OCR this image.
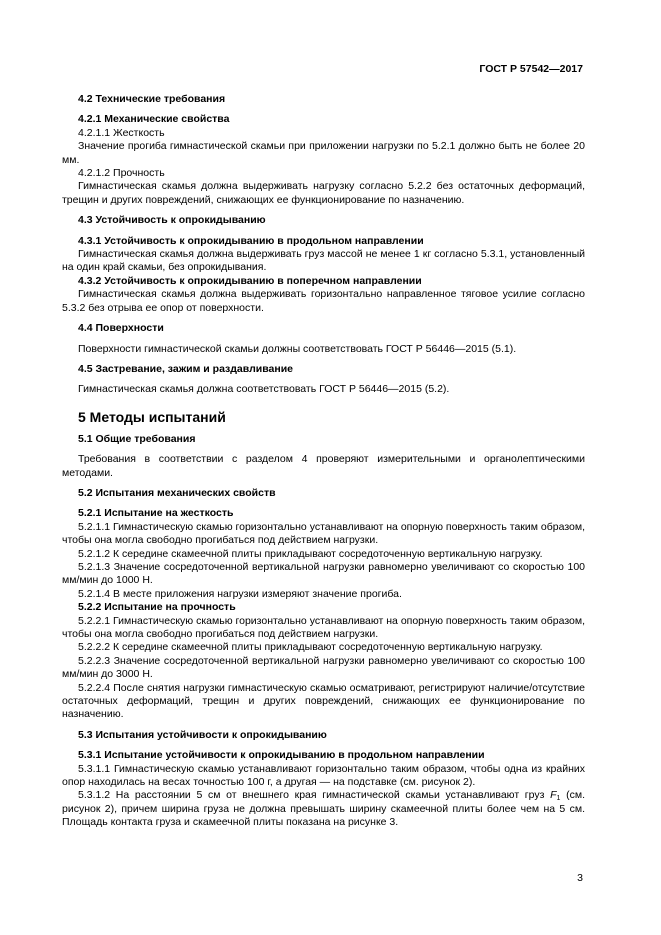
ГОСТ Р 57542—2017

4.2 Технические требования

4.2.1 Механические свойства

4.2.1.1 Жесткость

Значение прогиба гимнастической скамьи при приложении нагрузки по 5.2.1 должно быть не более 20 мм.

4.2.1.2 Прочность

Гимнастическая скамья должна выдерживать нагрузку согласно 5.2.2 без остаточных деформаций, трещин и других повреждений, снижающих ее функционирование по назначению.

4.3 Устойчивость к опрокидыванию

4.3.1 Устойчивость к опрокидыванию в продольном направлении

Гимнастическая скамья должна выдерживать груз массой не менее 1 кг согласно 5.3.1, установленный на один край скамьи, без опрокидывания.

4.3.2 Устойчивость к опрокидыванию в поперечном направлении

Гимнастическая скамья должна выдерживать горизонтально направленное тяговое усилие согласно 5.3.2 без отрыва ее опор от поверхности.

4.4 Поверхности

Поверхности гимнастической скамьи должны соответствовать ГОСТ Р 56446—2015 (5.1).

4.5 Застревание, зажим и раздавливание

Гимнастическая скамья должна соответствовать ГОСТ Р 56446—2015 (5.2).

5 Методы испытаний

5.1 Общие требования

Требования в соответствии с разделом 4 проверяют измерительными и органолептическими методами.

5.2 Испытания механических свойств

5.2.1 Испытание на жесткость

5.2.1.1 Гимнастическую скамью горизонтально устанавливают на опорную поверхность таким образом, чтобы она могла свободно прогибаться под действием нагрузки.

5.2.1.2 К середине скамеечной плиты прикладывают сосредоточенную вертикальную нагрузку.

5.2.1.3 Значение сосредоточенной вертикальной нагрузки равномерно увеличивают со скоростью 100 мм/мин до 1000 Н.

5.2.1.4 В месте приложения нагрузки измеряют значение прогиба.

5.2.2 Испытание на прочность

5.2.2.1 Гимнастическую скамью горизонтально устанавливают на опорную поверхность таким образом, чтобы она могла свободно прогибаться под действием нагрузки.

5.2.2.2 К середине скамеечной плиты прикладывают сосредоточенную вертикальную нагрузку.

5.2.2.3 Значение сосредоточенной вертикальной нагрузки равномерно увеличивают со скоростью 100 мм/мин до 3000 Н.

5.2.2.4 После снятия нагрузки гимнастическую скамью осматривают, регистрируют наличие/отсутствие остаточных деформаций, трещин и других повреждений, снижающих ее функционирование по назначению.

5.3 Испытания устойчивости к опрокидыванию

5.3.1 Испытание устойчивости к опрокидыванию в продольном направлении

5.3.1.1 Гимнастическую скамью устанавливают горизонтально таким образом, чтобы одна из крайних опор находилась на весах точностью 100 г, а другая — на подставке (см. рисунок 2).

5.3.1.2 На расстоянии 5 см от внешнего края гимнастической скамьи устанавливают груз $F_1$ (см. рисунок 2), причем ширина груза не должна превышать ширину скамеечной плиты более чем на 5 см. Площадь контакта груза и скамеечной плиты показана на рисунке 3.

3
